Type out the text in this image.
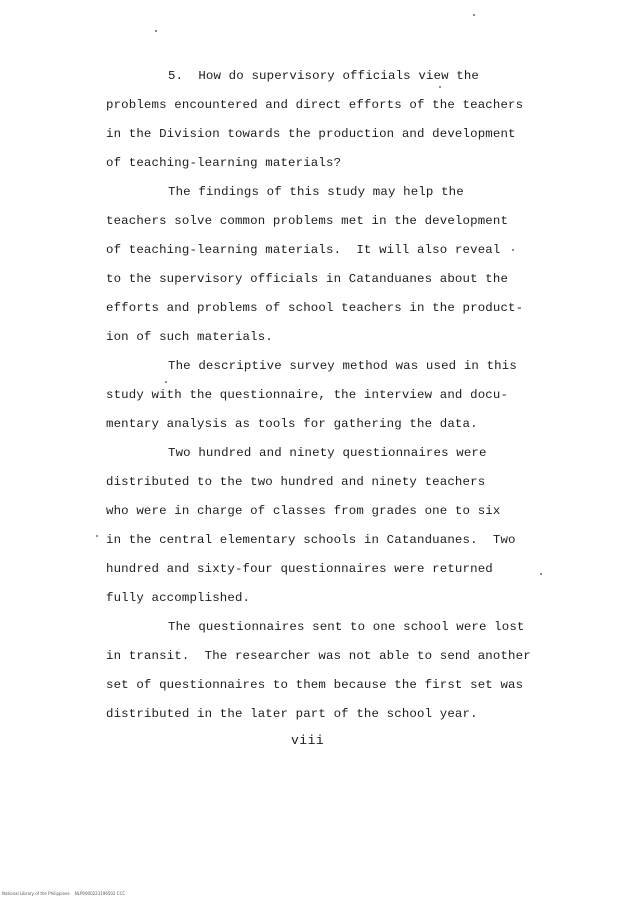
5.  How do supervisory officials view the
problems encountered and direct efforts of the teachers
in the Division towards the production and development
of teaching-learning materials?
The findings of this study may help the
teachers solve common problems met in the development
of teaching-learning materials.  It will also reveal
to the supervisory officials in Catanduanes about the
efforts and problems of school teachers in the product-
ion of such materials.
The descriptive survey method was used in this
study with the questionnaire, the interview and docu-
mentary analysis as tools for gathering the data.
Two hundred and ninety questionnaires were
distributed to the two hundred and ninety teachers
who were in charge of classes from grades one to six
in the central elementary schools in Catanduanes.  Two
hundred and sixty-four questionnaires were returned
fully accomplished.
The questionnaires sent to one school were lost
in transit.  The researcher was not able to send another
set of questionnaires to them because the first set was
distributed in the later part of the school year.
viii
National Library of the Philippines    NLP0000223196502 CCC
